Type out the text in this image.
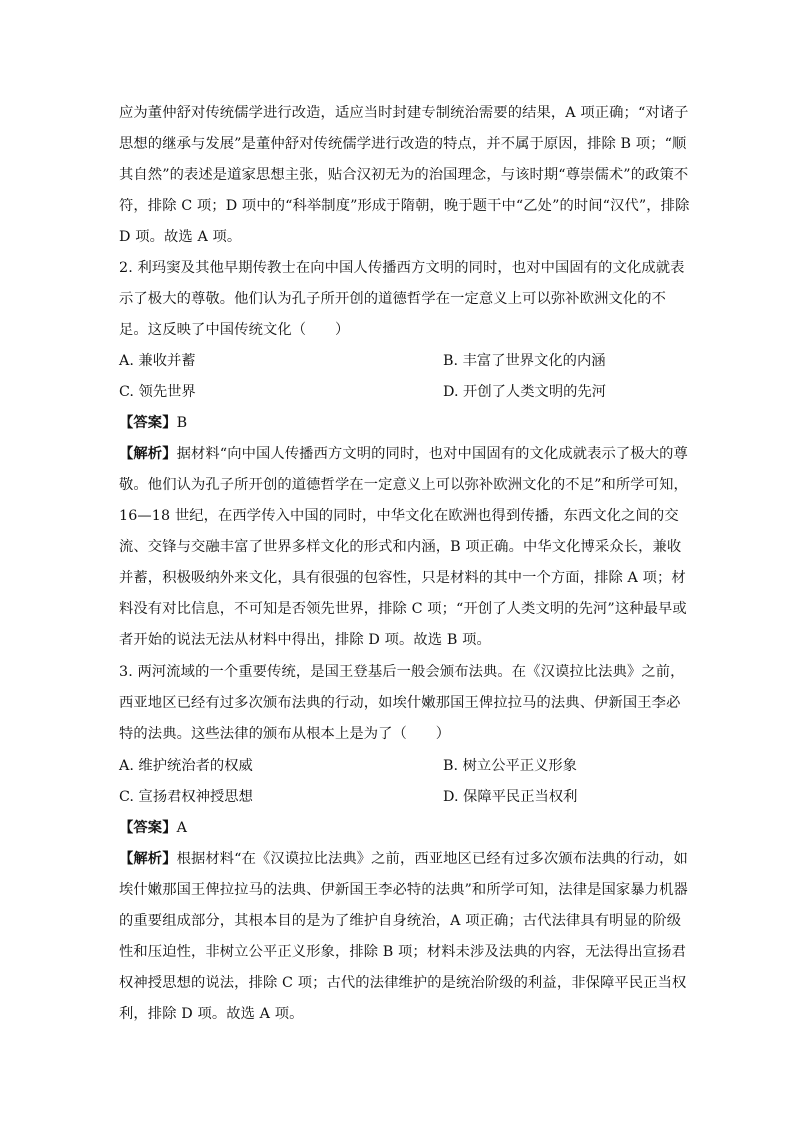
应为董仲舒对传统儒学进行改造，适应当时封建专制统治需要的结果，A 项正确；“对诸子
思想的继承与发展”是董仲舒对传统儒学进行改造的特点，并不属于原因，排除 B 项；“顺
其自然”的表述是道家思想主张，贴合汉初无为的治国理念，与该时期“尊崇儒术”的政策不
符，排除 C 项；D 项中的“科举制度”形成于隋朝，晚于题干中“乙处”的时间“汉代”，排除
D 项。故选 A 项。
2. 利玛窦及其他早期传教士在向中国人传播西方文明的同时，也对中国固有的文化成就表
示了极大的尊敬。他们认为孔子所开创的道德哲学在一定意义上可以弥补欧洲文化的不
足。这反映了中国传统文化（　　）
A. 兼收并蓄	B. 丰富了世界文化的内涵
C. 领先世界	D. 开创了人类文明的先河
【答案】B
【解析】据材料“向中国人传播西方文明的同时，也对中国固有的文化成就表示了极大的尊
敬。他们认为孔子所开创的道德哲学在一定意义上可以弥补欧洲文化的不足”和所学可知，
16—18 世纪，在西学传入中国的同时，中华文化在欧洲也得到传播，东西文化之间的交
流、交锋与交融丰富了世界多样文化的形式和内涵，B 项正确。中华文化博采众长，兼收
并蓄，积极吸纳外来文化，具有很强的包容性，只是材料的其中一个方面，排除 A 项；材
料没有对比信息，不可知是否领先世界，排除 C 项；“开创了人类文明的先河”这种最早或
者开始的说法无法从材料中得出，排除 D 项。故选 B 项。
3. 两河流域的一个重要传统，是国王登基后一般会颁布法典。在《汉谟拉比法典》之前，
西亚地区已经有过多次颁布法典的行动，如埃什嫩那国王俾拉拉马的法典、伊新国王李必
特的法典。这些法律的颁布从根本上是为了（　　）
A. 维护统治者的权威	B. 树立公平正义形象
C. 宣扬君权神授思想	D. 保障平民正当权利
【答案】A
【解析】根据材料“在《汉谟拉比法典》之前，西亚地区已经有过多次颁布法典的行动，如
埃什嫩那国王俾拉拉马的法典、伊新国王李必特的法典”和所学可知，法律是国家暴力机器
的重要组成部分，其根本目的是为了维护自身统治，A 项正确；古代法律具有明显的阶级
性和压迫性，非树立公平正义形象，排除 B 项；材料未涉及法典的内容，无法得出宣扬君
权神授思想的说法，排除 C 项；古代的法律维护的是统治阶级的利益，非保障平民正当权
利，排除 D 项。故选 A 项。
